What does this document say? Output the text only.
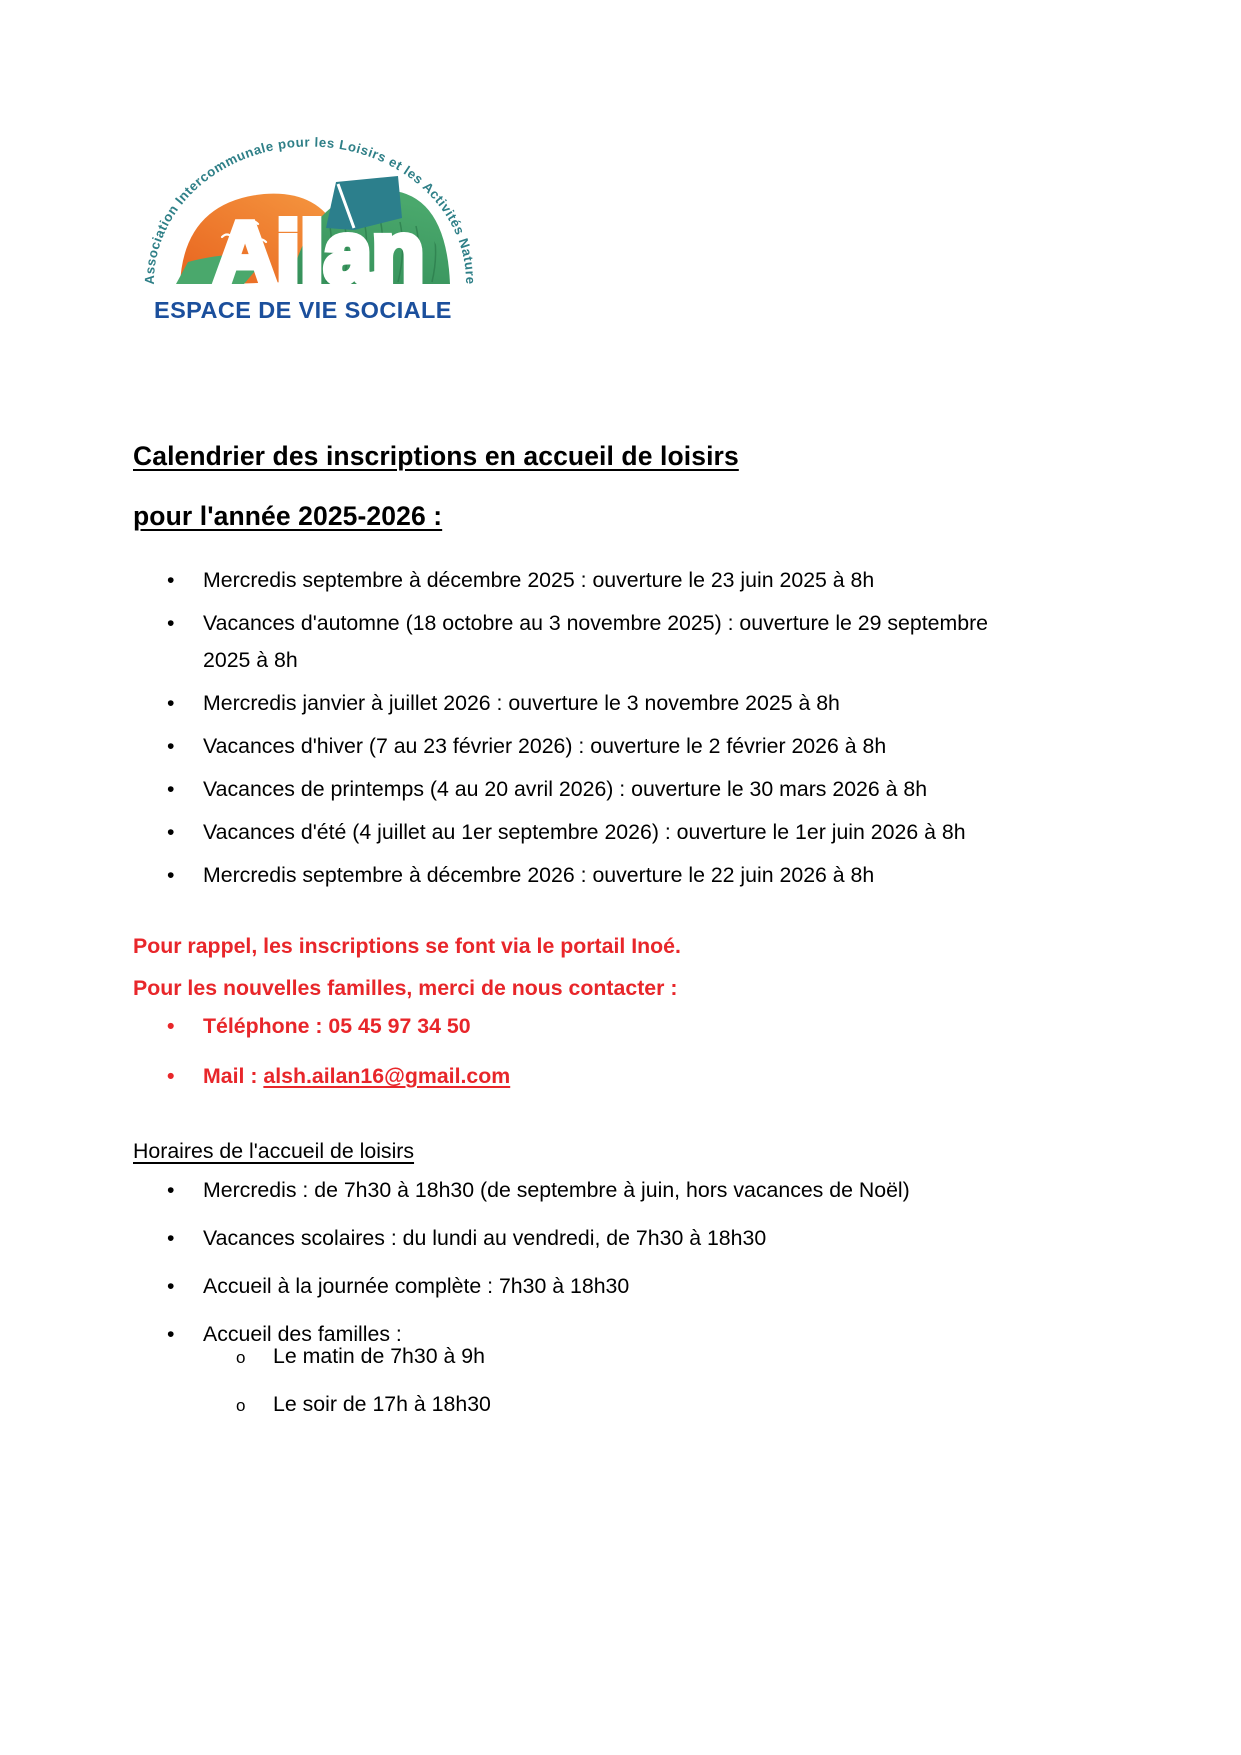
Association Intercommunale pour les Loisirs et les Activités Nature
Ailan
ESPACE DE VIE SOCIALE
Calendrier des inscriptions en accueil de loisirs
pour l'année 2025-2026 :
• Mercredis septembre à décembre 2025 : ouverture le 23 juin 2025 à 8h
• Vacances d'automne (18 octobre au 3 novembre 2025) : ouverture le 29 septembre 2025 à 8h
• Mercredis janvier à juillet 2026 : ouverture le 3 novembre 2025 à 8h
• Vacances d'hiver (7 au 23 février 2026) : ouverture le 2 février 2026 à 8h
• Vacances de printemps (4 au 20 avril 2026) : ouverture le 30 mars 2026 à 8h
• Vacances d'été (4 juillet au 1er septembre 2026) : ouverture le 1er juin 2026 à 8h
• Mercredis septembre à décembre 2026 : ouverture le 22 juin 2026 à 8h
Pour rappel, les inscriptions se font via le portail Inoé.
Pour les nouvelles familles, merci de nous contacter :
• Téléphone : 05 45 97 34 50
• Mail : alsh.ailan16@gmail.com
Horaires de l'accueil de loisirs
• Mercredis : de 7h30 à 18h30 (de septembre à juin, hors vacances de Noël)
• Vacances scolaires : du lundi au vendredi, de 7h30 à 18h30
• Accueil à la journée complète : 7h30 à 18h30
• Accueil des familles :
o Le matin de 7h30 à 9h
o Le soir de 17h à 18h30
